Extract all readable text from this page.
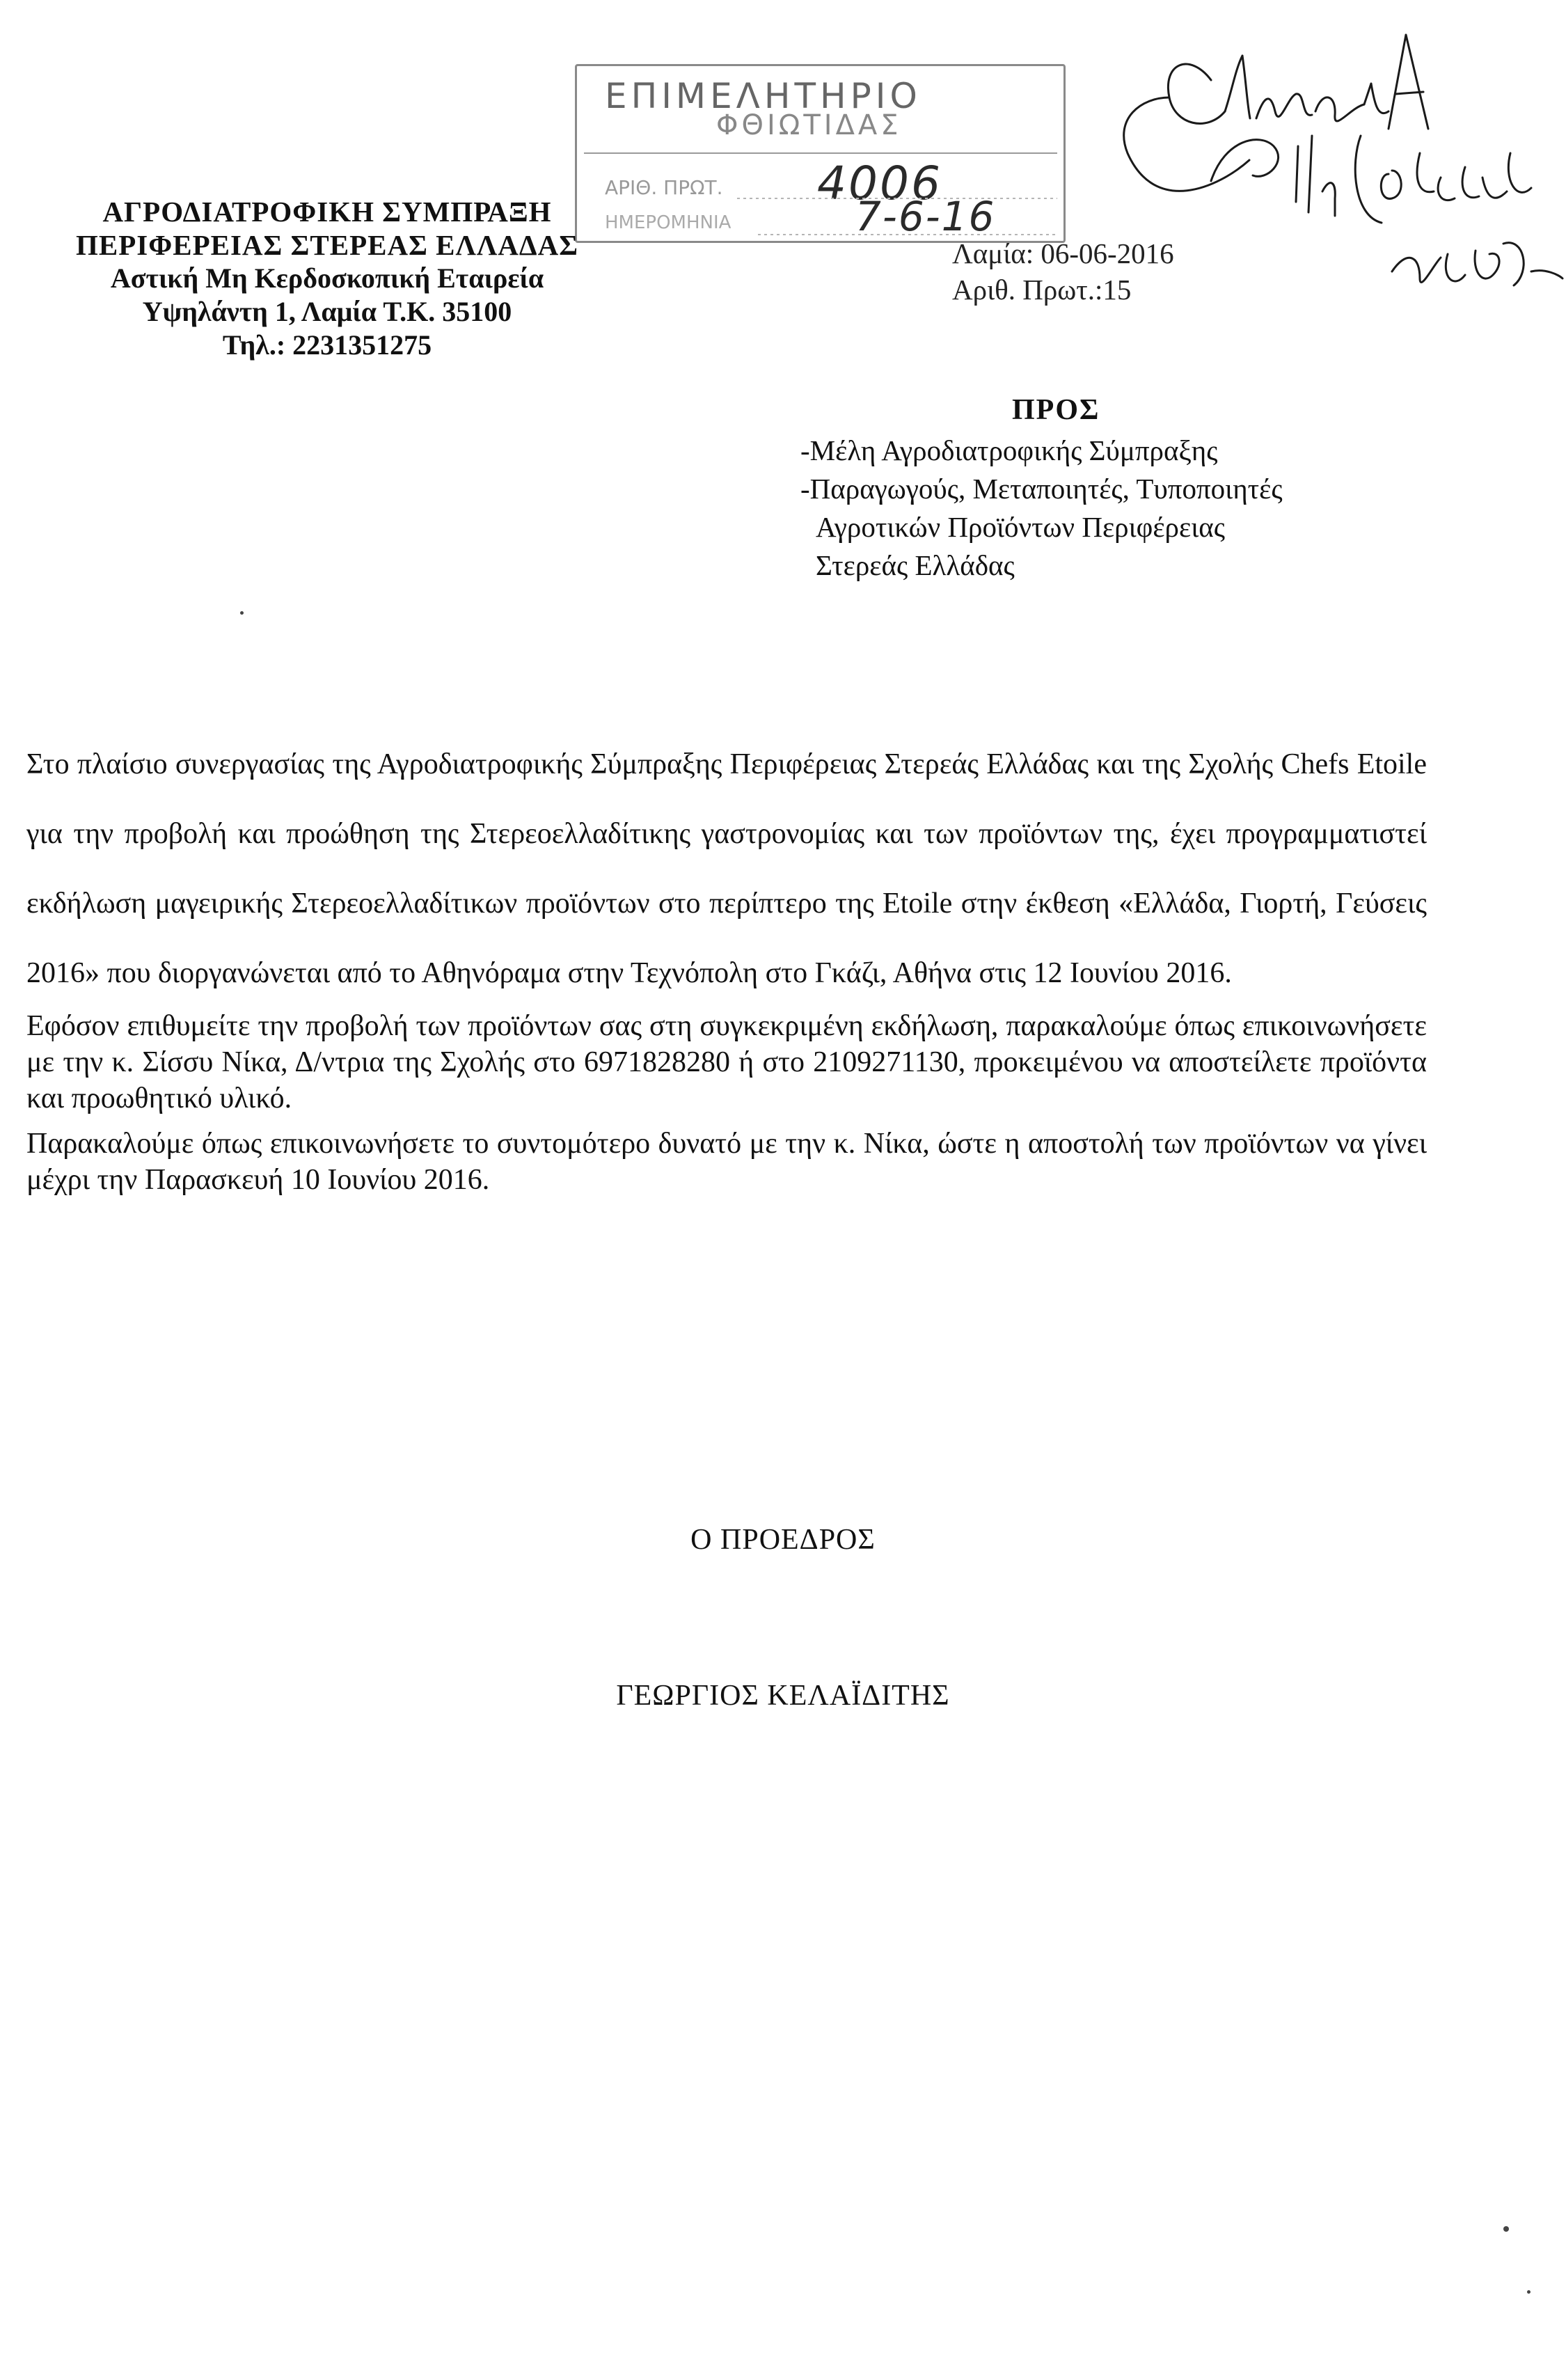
ΕΠΙΜΕΛΗΤΗΡΙΟ
ΦΘΙΩΤΙΔΑΣ
ΑΡΙΘ. ΠΡΩΤ.
ΗΜΕΡΟΜΗΝΙΑ
4006
7-6-16
ΑΓΡΟΔΙΑΤΡΟΦΙΚΗ ΣΥΜΠΡΑΞΗ
ΠΕΡΙΦΕΡΕΙΑΣ ΣΤΕΡΕΑΣ ΕΛΛΑΔΑΣ
Αστική Μη Κερδοσκοπική Εταιρεία
Υψηλάντη 1, Λαμία Τ.Κ. 35100
Τηλ.: 2231351275
Λαμία: 06-06-2016
Αριθ. Πρωτ.:15
ΠΡΟΣ
-Μέλη Αγροδιατροφικής Σύμπραξης
-Παραγωγούς, Μεταποιητές, Τυποποιητές
Αγροτικών Προϊόντων Περιφέρειας
Στερεάς Ελλάδας

Στο πλαίσιο συνεργασίας της Αγροδιατροφικής Σύμπραξης Περιφέρειας Στερεάς Ελλάδας και της Σχολής Chefs Etoile για την προβολή και προώθηση της Στερεοελλαδίτικης γαστρονομίας και των προϊόντων της, έχει προγραμματιστεί εκδήλωση μαγειρικής Στερεοελλαδίτικων προϊόντων στο περίπτερο της Etoile στην έκθεση «Ελλάδα, Γιορτή, Γεύσεις 2016» που διοργανώνεται από το Αθηνόραμα στην Τεχνόπολη στο Γκάζι, Αθήνα στις 12 Ιουνίου 2016.

Εφόσον επιθυμείτε την προβολή των προϊόντων σας στη συγκεκριμένη εκδήλωση, παρακαλούμε όπως επικοινωνήσετε με την κ. Σίσσυ Νίκα, Δ/ντρια της Σχολής στο 6971828280 ή στο 2109271130, προκειμένου να αποστείλετε προϊόντα και προωθητικό υλικό.

Παρακαλούμε όπως επικοινωνήσετε το συντομότερο δυνατό με την κ. Νίκα, ώστε η αποστολή των προϊόντων να γίνει μέχρι την Παρασκευή 10 Ιουνίου 2016.

Ο ΠΡΟΕΔΡΟΣ
ΓΕΩΡΓΙΟΣ ΚΕΛΑΪΔΙΤΗΣ
